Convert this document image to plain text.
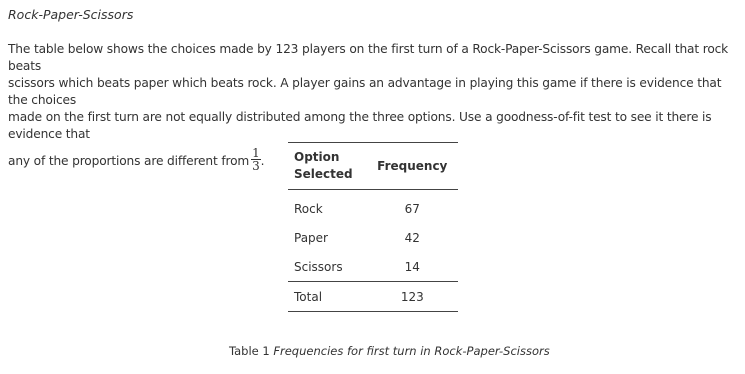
Rock-Paper-Scissors
The table below shows the choices made by 123 players on the first turn of a Rock-Paper-Scissors game. Recall that rock beats
scissors which beats paper which beats rock. A player gains an advantage in playing this game if there is evidence that the choices
made on the first turn are not equally distributed among the three options. Use a goodness-of-fit test to see it there is evidence that
any of the proportions are different from $\frac{1}{3}$ .	Option
Selected	Frequency
Rock	67
Paper	42
Scissors	14
Total	123
Table 1 Frequencies for first turn in Rock-Paper-Scissors
